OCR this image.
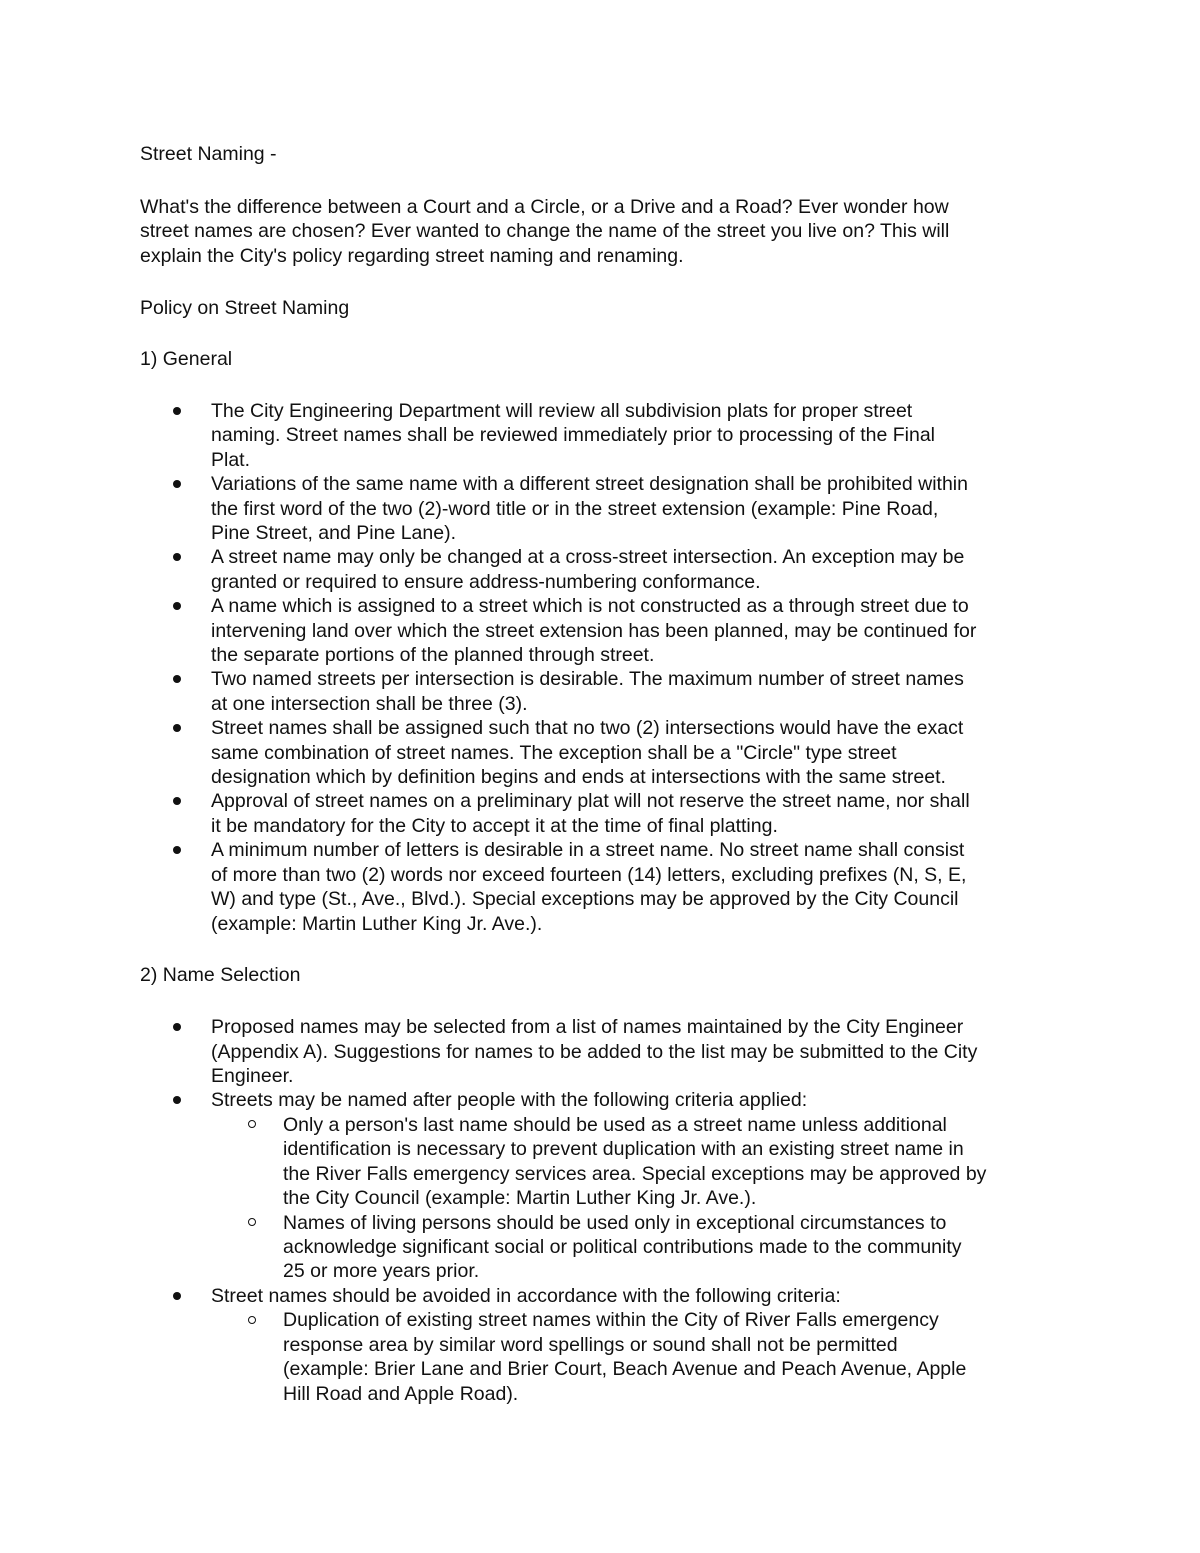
Street Naming -

What's the difference between a Court and a Circle, or a Drive and a Road? Ever wonder how

street names are chosen? Ever wanted to change the name of the street you live on? This will

explain the City's policy regarding street naming and renaming.

Policy on Street Naming

1) General

The City Engineering Department will review all subdivision plats for proper street

naming. Street names shall be reviewed immediately prior to processing of the Final

Plat.

Variations of the same name with a different street designation shall be prohibited within

the first word of the two (2)-word title or in the street extension (example: Pine Road,

Pine Street, and Pine Lane).

A street name may only be changed at a cross-street intersection. An exception may be

granted or required to ensure address-numbering conformance.

A name which is assigned to a street which is not constructed as a through street due to

intervening land over which the street extension has been planned, may be continued for

the separate portions of the planned through street.

Two named streets per intersection is desirable. The maximum number of street names

at one intersection shall be three (3).

Street names shall be assigned such that no two (2) intersections would have the exact

same combination of street names. The exception shall be a "Circle" type street

designation which by definition begins and ends at intersections with the same street.

Approval of street names on a preliminary plat will not reserve the street name, nor shall

it be mandatory for the City to accept it at the time of final platting.

A minimum number of letters is desirable in a street name. No street name shall consist

of more than two (2) words nor exceed fourteen (14) letters, excluding prefixes (N, S, E,

W) and type (St., Ave., Blvd.). Special exceptions may be approved by the City Council

(example: Martin Luther King Jr. Ave.).

2) Name Selection

Proposed names may be selected from a list of names maintained by the City Engineer

(Appendix A). Suggestions for names to be added to the list may be submitted to the City

Engineer.

Streets may be named after people with the following criteria applied:

Only a person's last name should be used as a street name unless additional

identification is necessary to prevent duplication with an existing street name in

the River Falls emergency services area. Special exceptions may be approved by

the City Council (example: Martin Luther King Jr. Ave.).

Names of living persons should be used only in exceptional circumstances to

acknowledge significant social or political contributions made to the community

25 or more years prior.

Street names should be avoided in accordance with the following criteria:

Duplication of existing street names within the City of River Falls emergency

response area by similar word spellings or sound shall not be permitted

(example: Brier Lane and Brier Court, Beach Avenue and Peach Avenue, Apple

Hill Road and Apple Road).
